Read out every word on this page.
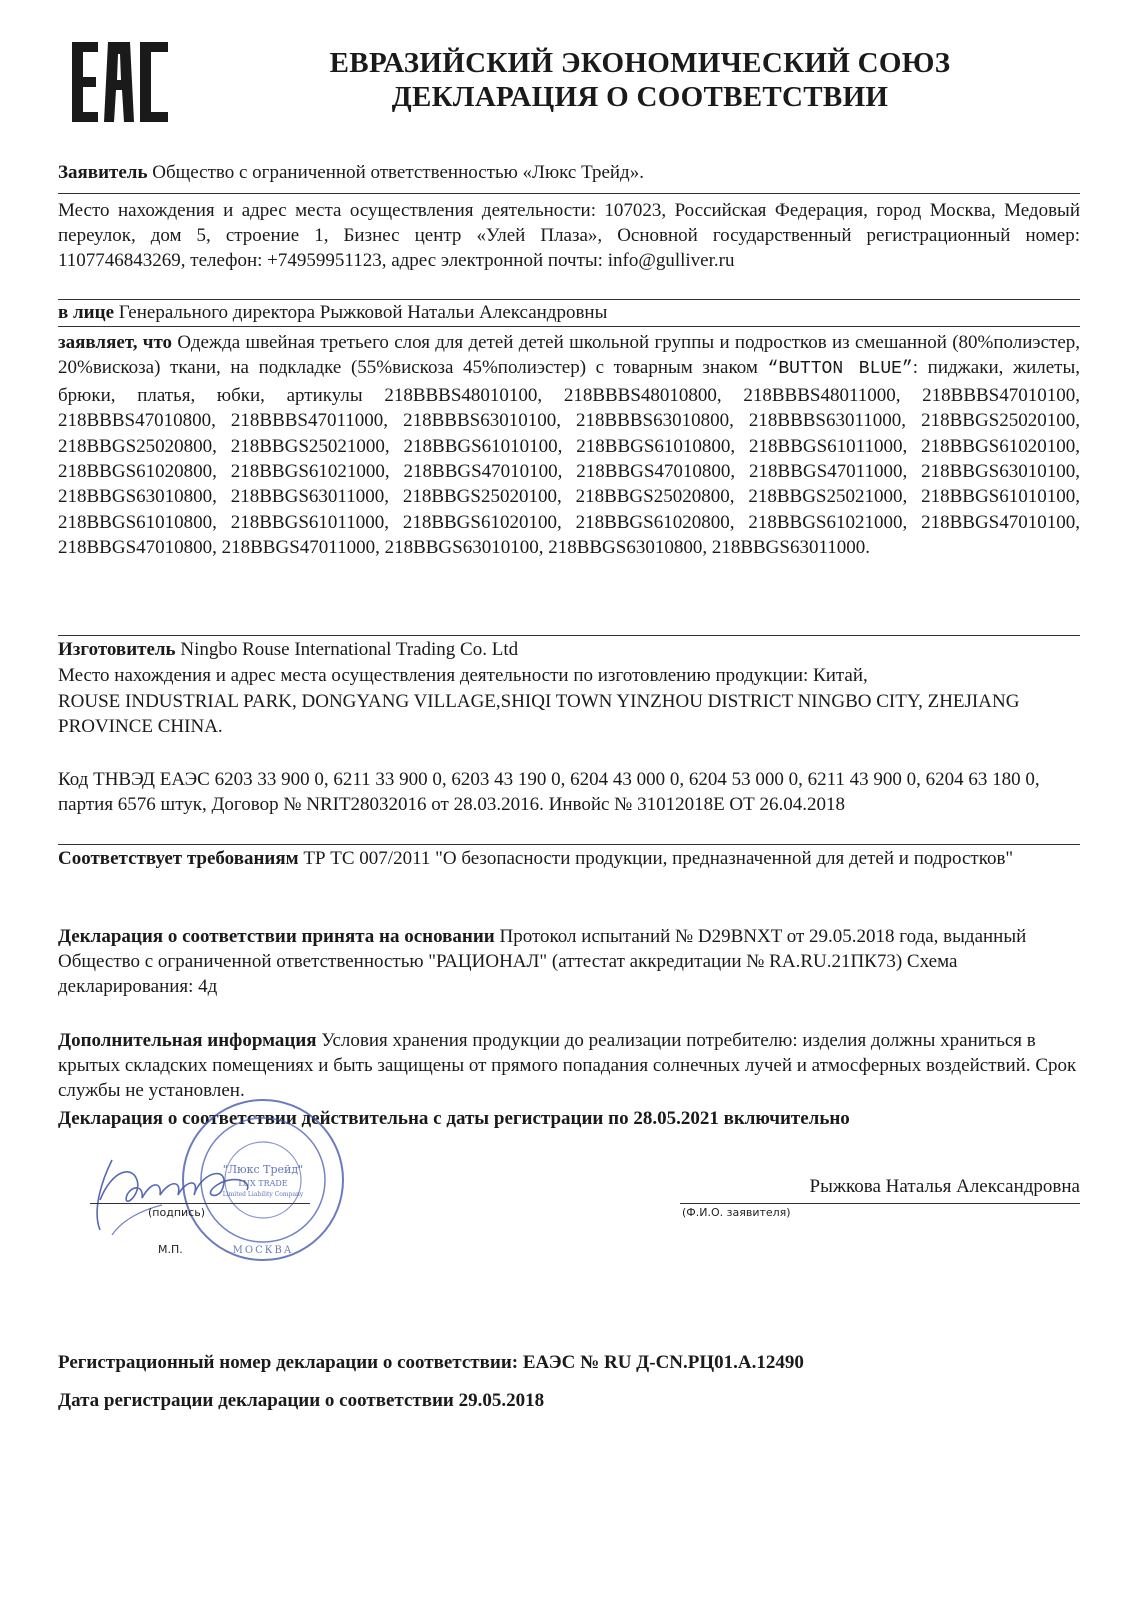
ЕВРАЗИЙСКИЙ ЭКОНОМИЧЕСКИЙ СОЮЗ
ДЕКЛАРАЦИЯ О СООТВЕТСТВИИ
Заявитель Общество с ограниченной ответственностью «Люкс Трейд».
Место нахождения и адрес места осуществления деятельности: 107023, Российская Федерация, город Москва, Медовый переулок, дом 5, строение 1, Бизнес центр «Улей Плаза», Основной государственный регистрационный номер: 1107746843269, телефон: +74959951123, адрес электронной почты: info@gulliver.ru
в лице Генерального директора Рыжковой Натальи Александровны
заявляет, что Одежда швейная третьего слоя для детей детей школьной группы и подростков из смешанной (80%полиэстер, 20%вискоза) ткани, на подкладке (55%вискоза 45%полиэстер) с товарным знаком “BUTTON BLUE”: пиджаки, жилеты, брюки, платья, юбки, артикулы 218BBBS48010100, 218BBBS48010800, 218BBBS48011000, 218BBBS47010100, 218BBBS47010800, 218BBBS47011000, 218BBBS63010100, 218BBBS63010800, 218BBBS63011000, 218BBGS25020100, 218BBGS25020800, 218BBGS25021000, 218BBGS61010100, 218BBGS61010800, 218BBGS61011000, 218BBGS61020100, 218BBGS61020800, 218BBGS61021000, 218BBGS47010100, 218BBGS47010800, 218BBGS47011000, 218BBGS63010100, 218BBGS63010800, 218BBGS63011000, 218BBGS25020100, 218BBGS25020800, 218BBGS25021000, 218BBGS61010100, 218BBGS61010800, 218BBGS61011000, 218BBGS61020100, 218BBGS61020800, 218BBGS61021000, 218BBGS47010100, 218BBGS47010800, 218BBGS47011000, 218BBGS63010100, 218BBGS63010800, 218BBGS63011000.
Изготовитель Ningbo Rouse International Trading Co. Ltd
Место нахождения и адрес места осуществления деятельности по изготовлению продукции: Китай,
ROUSE INDUSTRIAL PARK, DONGYANG VILLAGE,SHIQI TOWN YINZHOU DISTRICT NINGBO CITY, ZHEJIANG PROVINCE CHINA.
Код ТНВЭД ЕАЭС 6203 33 900 0, 6211 33 900 0, 6203 43 190 0, 6204 43 000 0, 6204 53 000 0, 6211 43 900 0, 6204 63 180 0, партия 6576 штук, Договор № NRIT28032016 от 28.03.2016. Инвойс № 31012018E ОТ 26.04.2018
Соответствует требованиям ТР ТС 007/2011 "О безопасности продукции, предназначенной для детей и подростков"
Декларация о соответствии принята на основании Протокол испытаний № D29BNXT от 29.05.2018 года, выданный Общество с ограниченной ответственностью "РАЦИОНАЛ" (аттестат аккредитации № RA.RU.21ПК73) Схема декларирования: 4д
Дополнительная информация Условия хранения продукции до реализации потребителю: изделия должны храниться в крытых складских помещениях и быть защищены от прямого попадания солнечных лучей и атмосферных воздействий. Срок службы не установлен.
Декларация о соответствии действительна с даты регистрации по 28.05.2021 включительно
"Люкс Трейд"
LUX TRADE
Limited Liability Company
МОСКВА
(подпись)
М.П.
Рыжкова Наталья Александровна
(Ф.И.О. заявителя)
Регистрационный номер декларации о соответствии: ЕАЭС № RU Д-CN.РЦ01.А.12490
Дата регистрации декларации о соответствии 29.05.2018
